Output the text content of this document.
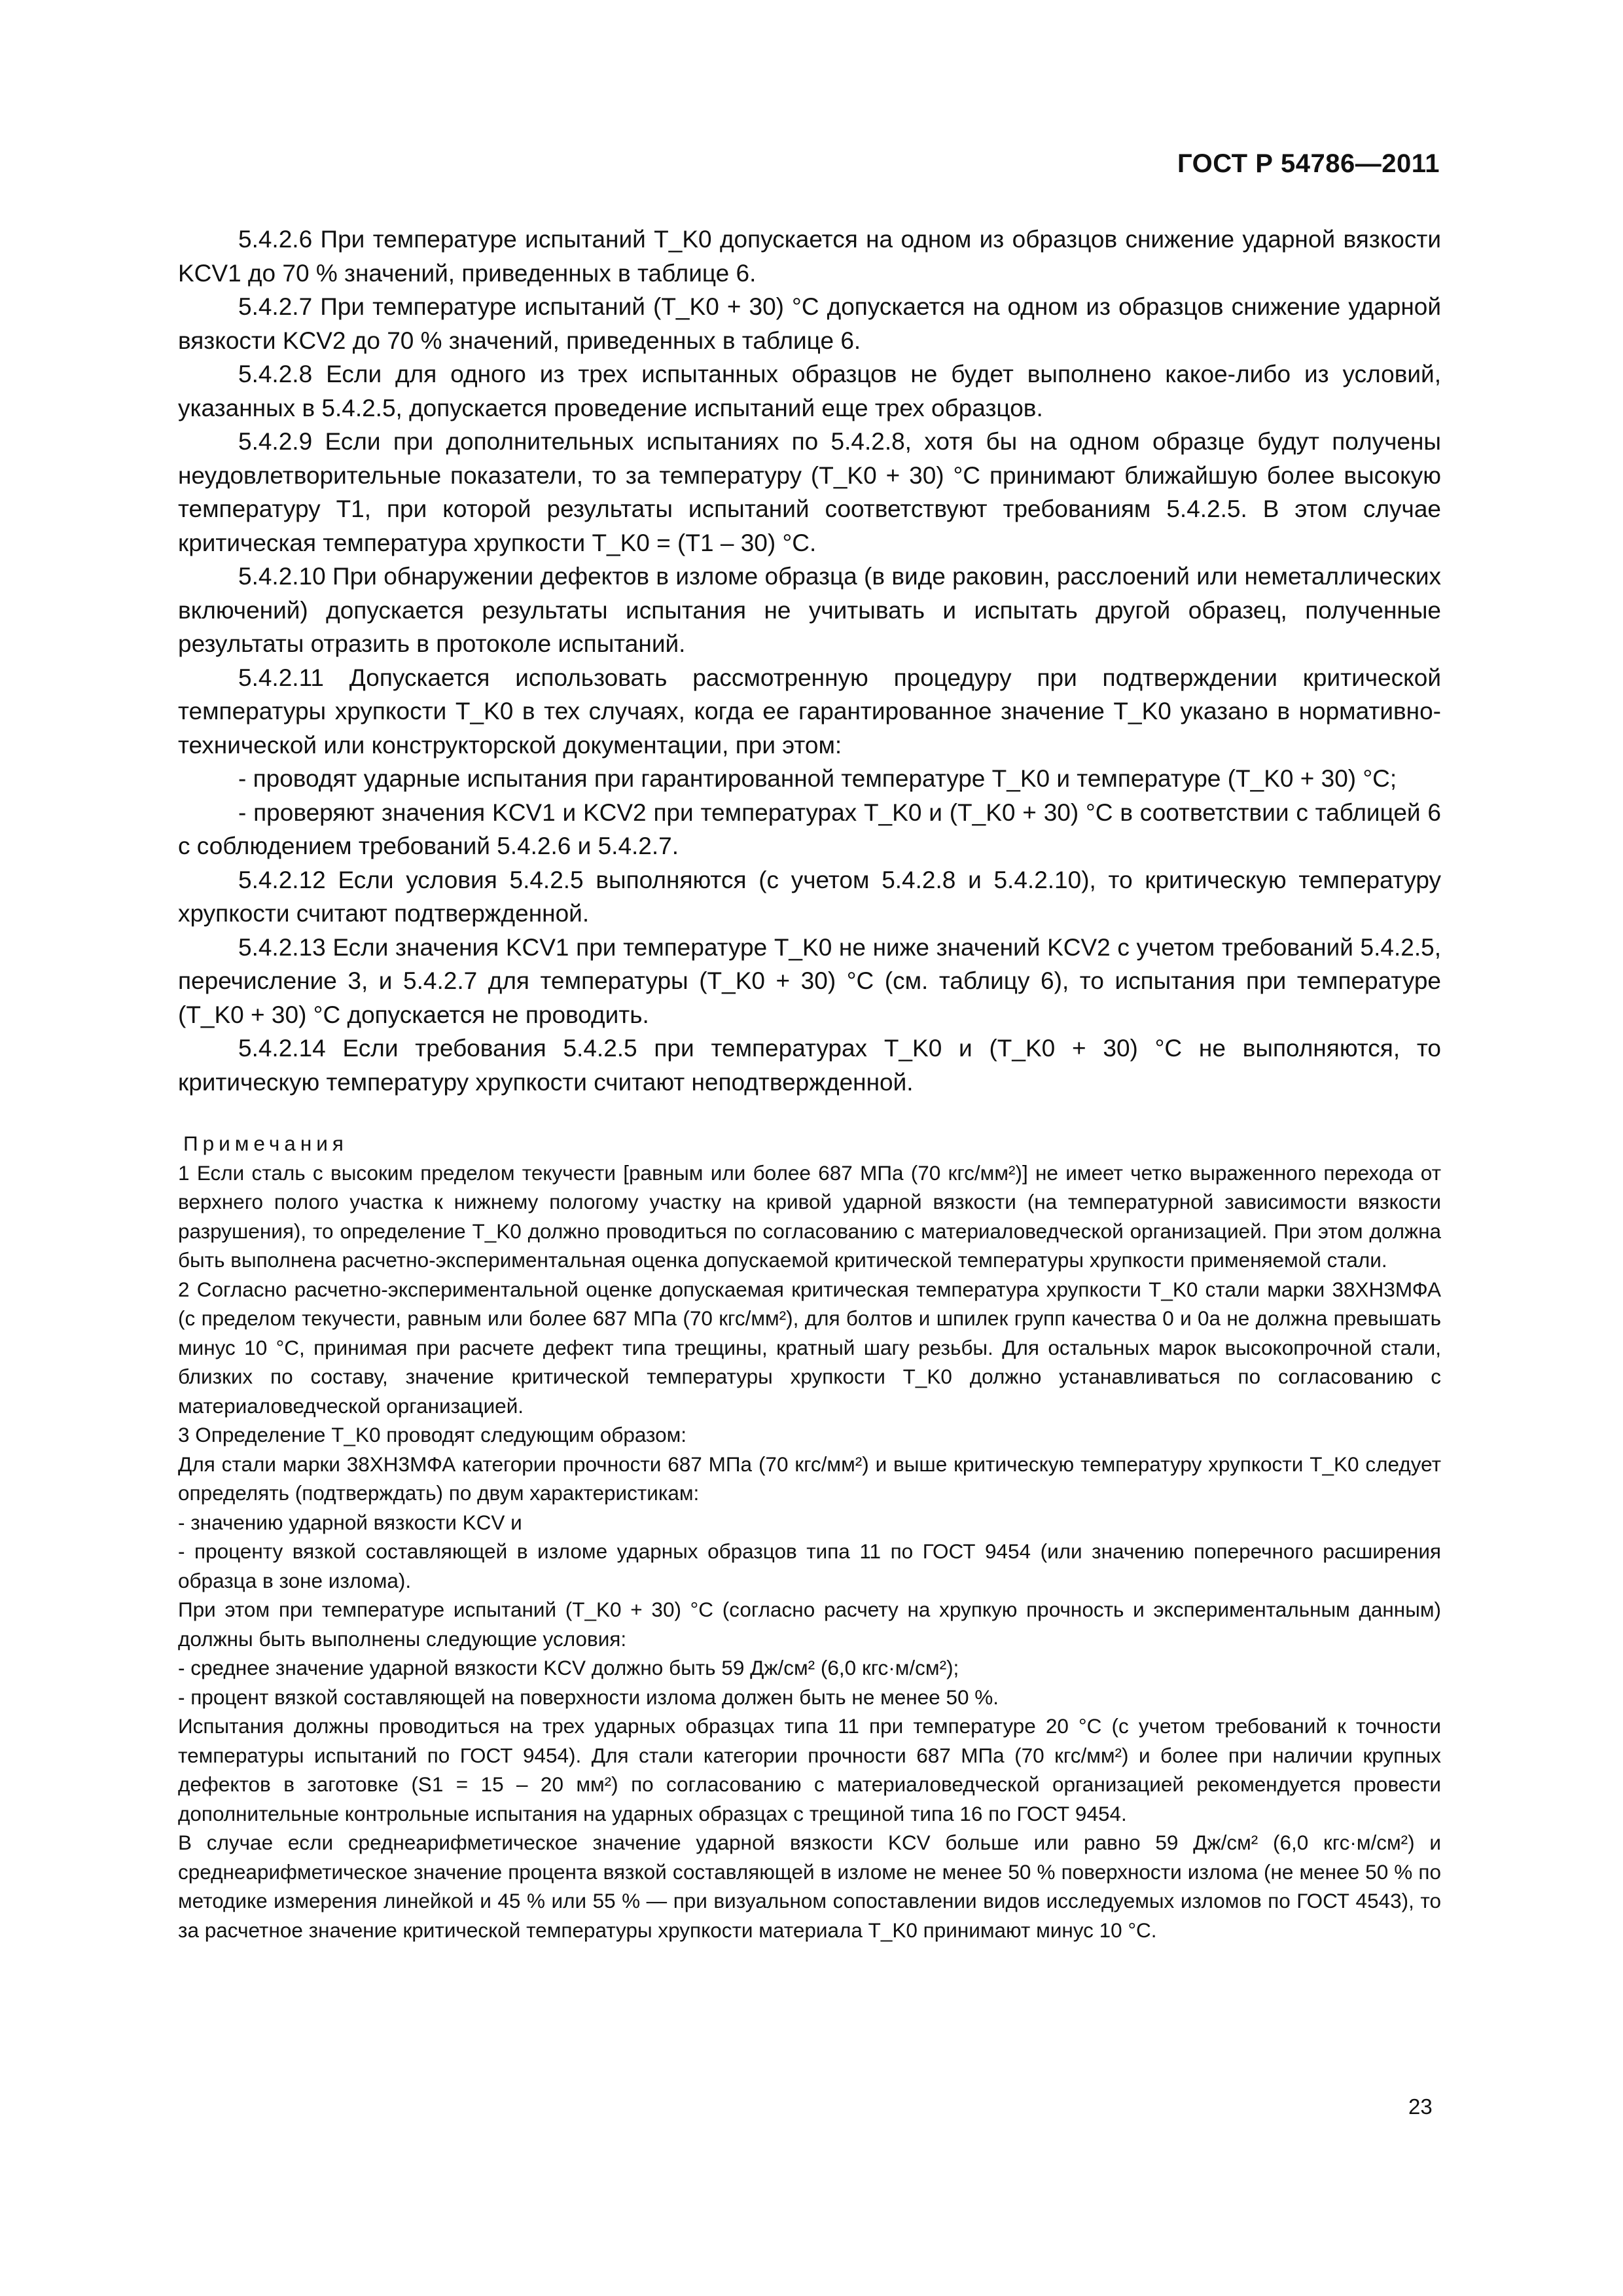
ГОСТ Р 54786—2011

5.4.2.6 При температуре испытаний T_K0 допускается на одном из образцов снижение ударной вязкости KCV1 до 70 % значений, приведенных в таблице 6.

5.4.2.7 При температуре испытаний (T_K0 + 30) °С допускается на одном из образцов снижение ударной вязкости KCV2 до 70 % значений, приведенных в таблице 6.

5.4.2.8 Если для одного из трех испытанных образцов не будет выполнено какое-либо из условий, указанных в 5.4.2.5, допускается проведение испытаний еще трех образцов.

5.4.2.9 Если при дополнительных испытаниях по 5.4.2.8, хотя бы на одном образце будут получены неудовлетворительные показатели, то за температуру (T_K0 + 30) °С принимают ближайшую более высокую температуру T1, при которой результаты испытаний соответствуют требованиям 5.4.2.5. В этом случае критическая температура хрупкости T_K0 = (T1 – 30) °С.

5.4.2.10 При обнаружении дефектов в изломе образца (в виде раковин, расслоений или неметаллических включений) допускается результаты испытания не учитывать и испытать другой образец, полученные результаты отразить в протоколе испытаний.

5.4.2.11 Допускается использовать рассмотренную процедуру при подтверждении критической температуры хрупкости T_K0 в тех случаях, когда ее гарантированное значение T_K0 указано в нормативно-технической или конструкторской документации, при этом:

- проводят ударные испытания при гарантированной температуре T_K0 и температуре (T_K0 + 30) °С;

- проверяют значения KCV1 и KCV2 при температурах T_K0 и (T_K0 + 30) °С в соответствии с таблицей 6 с соблюдением требований 5.4.2.6 и 5.4.2.7.

5.4.2.12 Если условия 5.4.2.5 выполняются (с учетом 5.4.2.8 и 5.4.2.10), то критическую температуру хрупкости считают подтвержденной.

5.4.2.13 Если значения KCV1 при температуре T_K0 не ниже значений KCV2 с учетом требований 5.4.2.5, перечисление 3, и 5.4.2.7 для температуры (T_K0 + 30) °С (см. таблицу 6), то испытания при температуре (T_K0 + 30) °С допускается не проводить.

5.4.2.14 Если требования 5.4.2.5 при температурах T_K0 и (T_K0 + 30) °С не выполняются, то критическую температуру хрупкости считают неподтвержденной.

Примечания

1 Если сталь с высоким пределом текучести [равным или более 687 МПа (70 кгс/мм²)] не имеет четко выраженного перехода от верхнего полого участка к нижнему пологому участку на кривой ударной вязкости (на температурной зависимости вязкости разрушения), то определение T_K0 должно проводиться по согласованию с материаловедческой организацией. При этом должна быть выполнена расчетно-экспериментальная оценка допускаемой критической температуры хрупкости применяемой стали.

2 Согласно расчетно-экспериментальной оценке допускаемая критическая температура хрупкости T_K0 стали марки 38ХН3МФА (с пределом текучести, равным или более 687 МПа (70 кгс/мм²), для болтов и шпилек групп качества 0 и 0а не должна превышать минус 10 °С, принимая при расчете дефект типа трещины, кратный шагу резьбы. Для остальных марок высокопрочной стали, близких по составу, значение критической температуры хрупкости T_K0 должно устанавливаться по согласованию с материаловедческой организацией.

3 Определение T_K0 проводят следующим образом:

Для стали марки 38ХН3МФА категории прочности 687 МПа (70 кгс/мм²) и выше критическую температуру хрупкости T_K0 следует определять (подтверждать) по двум характеристикам:

- значению ударной вязкости KCV и

- проценту вязкой составляющей в изломе ударных образцов типа 11 по ГОСТ 9454 (или значению поперечного расширения образца в зоне излома).

При этом при температуре испытаний (T_K0 + 30) °С (согласно расчету на хрупкую прочность и экспериментальным данным) должны быть выполнены следующие условия:

- среднее значение ударной вязкости KCV должно быть 59 Дж/см² (6,0 кгс·м/см²);

- процент вязкой составляющей на поверхности излома должен быть не менее 50 %.

Испытания должны проводиться на трех ударных образцах типа 11 при температуре 20 °С (с учетом требований к точности температуры испытаний по ГОСТ 9454). Для стали категории прочности 687 МПа (70 кгс/мм²) и более при наличии крупных дефектов в заготовке (S1 = 15 – 20 мм²) по согласованию с материаловедческой организацией рекомендуется провести дополнительные контрольные испытания на ударных образцах с трещиной типа 16 по ГОСТ 9454.

В случае если среднеарифметическое значение ударной вязкости KCV больше или равно 59 Дж/см² (6,0 кгс·м/см²) и среднеарифметическое значение процента вязкой составляющей в изломе не менее 50 % поверхности излома (не менее 50 % по методике измерения линейкой и 45 % или 55 % — при визуальном сопоставлении видов исследуемых изломов по ГОСТ 4543), то за расчетное значение критической температуры хрупкости материала T_K0 принимают минус 10 °С.

23
